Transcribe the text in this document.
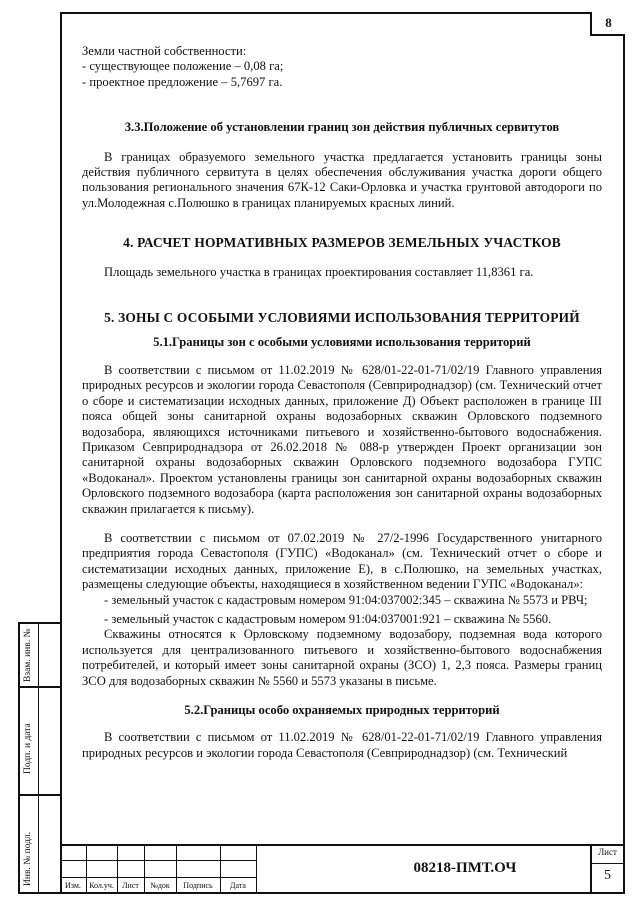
8

Земли частной собственности:

- существующее положение – 0,08 га;

- проектное предложение – 5,7697 га.

3.3.Положение об установлении границ зон действия публичных сервитутов

В границах образуемого земельного участка предлагается установить границы зоны действия публичного сервитута в целях обеспечения обслуживания участка дороги общего пользования регионального значения 67К-12 Саки-Орловка и участка грунтовой автодороги по ул.Молодежная с.Полюшко в границах планируемых красных линий.

4. РАСЧЕТ НОРМАТИВНЫХ РАЗМЕРОВ ЗЕМЕЛЬНЫХ УЧАСТКОВ

Площадь земельного участка в границах проектирования составляет 11,8361 га.

5. ЗОНЫ С ОСОБЫМИ УСЛОВИЯМИ ИСПОЛЬЗОВАНИЯ ТЕРРИТОРИЙ

5.1.Границы зон с особыми условиями использования территорий

В соответствии с письмом от 11.02.2019 № 628/01-22-01-71/02/19 Главного управления природных ресурсов и экологии города Севастополя (Севприроднадзор) (см. Технический отчет о сборе и систематизации исходных данных, приложение Д) Объект расположен в границе III пояса общей зоны санитарной охраны водозаборных скважин Орловского подземного водозабора, являющихся источниками питьевого и хозяйственно-бытового водоснабжения. Приказом Севприроднадзора от 26.02.2018 № 088-р утвержден Проект организации зон санитарной охраны водозаборных скважин Орловского подземного водозабора ГУПС «Водоканал». Проектом установлены границы зон санитарной охраны водозаборных скважин Орловского подземного водозабора (карта расположения зон санитарной охраны водозаборных скважин прилагается к письму).

В соответствии с письмом от 07.02.2019 № 27/2-1996 Государственного унитарного предприятия города Севастополя (ГУПС) «Водоканал» (см. Технический отчет о сборе и систематизации исходных данных, приложение Е), в с.Полюшко, на земельных участках, размещены следующие объекты, находящиеся в хозяйственном ведении ГУПС «Водоканал»:

- земельный участок с кадастровым номером 91:04:037002:345 – скважина № 5573 и РВЧ;

- земельный участок с кадастровым номером 91:04:037001:921 – скважина № 5560.

Скважины относятся к Орловскому подземному водозабору, подземная вода которого используется для централизованного питьевого и хозяйственно-бытового водоснабжения потребителей, и который имеет зоны санитарной охраны (ЗСО) 1, 2,3 пояса. Размеры границ ЗСО для водозаборных скважин № 5560 и 5573 указаны в письме.

5.2.Границы особо охраняемых природных территорий

В соответствии с письмом от 11.02.2019 № 628/01-22-01-71/02/19 Главного управления природных ресурсов и экологии города Севастополя (Севприроднадзор) (см. Технический

Взам. инв. №
Подп. и дата
Инв. № подл.	Изм.	Кол.уч.	Лист	№док	Подпись	Дата
08218-ПМТ.ОЧ
Лист
5
